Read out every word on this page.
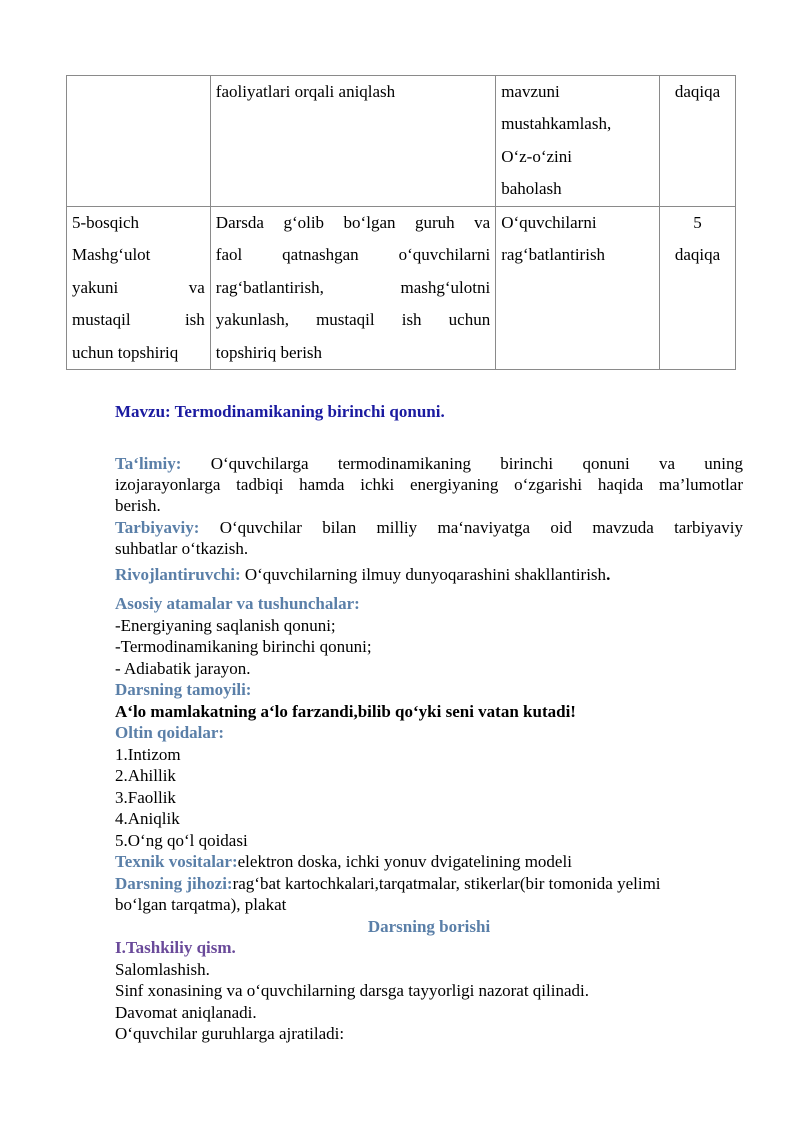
	faoliyatlari orqali aniqlash	mavzuni
mustahkamlash,
O‘z-o‘zini
baholash	daqiqa

5-bosqich
Mashg‘ulot
yakuni va
mustaqil ish
uchun topshiriq	Darsda g‘olib bo‘lgan guruh va
faol qatnashgan o‘quvchilarni
rag‘batlantirish, mashg‘ulotni
yakunlash, mustaqil ish uchun
topshiriq berish	O‘quvchilarni
rag‘batlantirish	5
daqiqa
Mavzu: Termodinamikaning birinchi qonuni.
Ta‘limiy: O‘quvchilarga termodinamikaning birinchi qonuni va uning
izojarayonlarga tadbiqi hamda ichki energiyaning o‘zgarishi haqida ma’lumotlar
berish.
Tarbiyaviy: O‘quvchilar bilan milliy ma‘naviyatga oid mavzuda tarbiyaviy
suhbatlar o‘tkazish.
Rivojlantiruvchi: O‘quvchilarning ilmuy dunyoqarashini shakllantirish.
Asosiy atamalar va tushunchalar:
-Energiyaning saqlanish qonuni;
-Termodinamikaning birinchi qonuni;
- Adiabatik jarayon.
Darsning tamoyili:
A‘lo mamlakatning a‘lo farzandi,bilib qo‘yki seni vatan kutadi!
Oltin qoidalar:
1.Intizom
2.Ahillik
3.Faollik
4.Aniqlik
5.O‘ng qo‘l qoidasi
Texnik vositalar:elektron doska, ichki yonuv dvigatelining modeli
Darsning jihozi:rag‘bat kartochkalari,tarqatmalar, stikerlar(bir tomonida yelimi
bo‘lgan tarqatma), plakat
Darsning borishi
I.Tashkiliy qism.
Salomlashish.
Sinf xonasining va o‘quvchilarning darsga tayyorligi nazorat qilinadi.
Davomat aniqlanadi.
O‘quvchilar guruhlarga ajratiladi:
